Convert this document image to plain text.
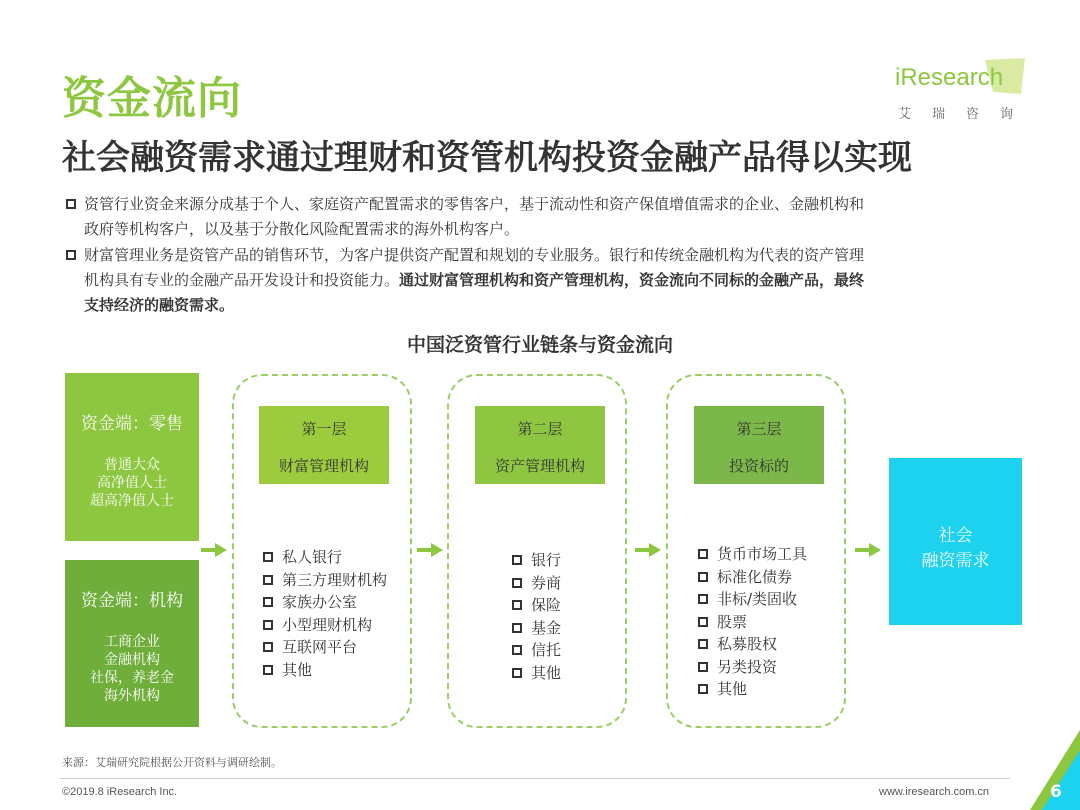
资金流向
社会融资需求通过理财和资管机构投资金融产品得以实现
iResearch
艾瑞咨询
资管行业资金来源分成基于个人、家庭资产配置需求的零售客户，基于流动性和资产保值增值需求的企业、金融机构和
政府等机构客户，以及基于分散化风险配置需求的海外机构客户。
财富管理业务是资管产品的销售环节，为客户提供资产配置和规划的专业服务。银行和传统金融机构为代表的资产管理
机构具有专业的金融产品开发设计和投资能力。通过财富管理机构和资产管理机构，资金流向不同标的金融产品，最终
支持经济的融资需求。
中国泛资管行业链条与资金流向
资金端：零售
普通大众
高净值人士
超高净值人士
资金端：机构
工商企业
金融机构
社保，养老金
海外机构
第一层
财富管理机构
私人银行
第三方理财机构
家族办公室
小型理财机构
互联网平台
其他
第二层
资产管理机构
银行
券商
保险
基金
信托
其他
第三层
投资标的
货币市场工具
标准化债券
非标/类固收
股票
私募股权
另类投资
其他
社会
融资需求
来源：艾瑞研究院根据公开资料与调研绘制。
©2019.8 iResearch Inc.	www.iresearch.com.cn	6
